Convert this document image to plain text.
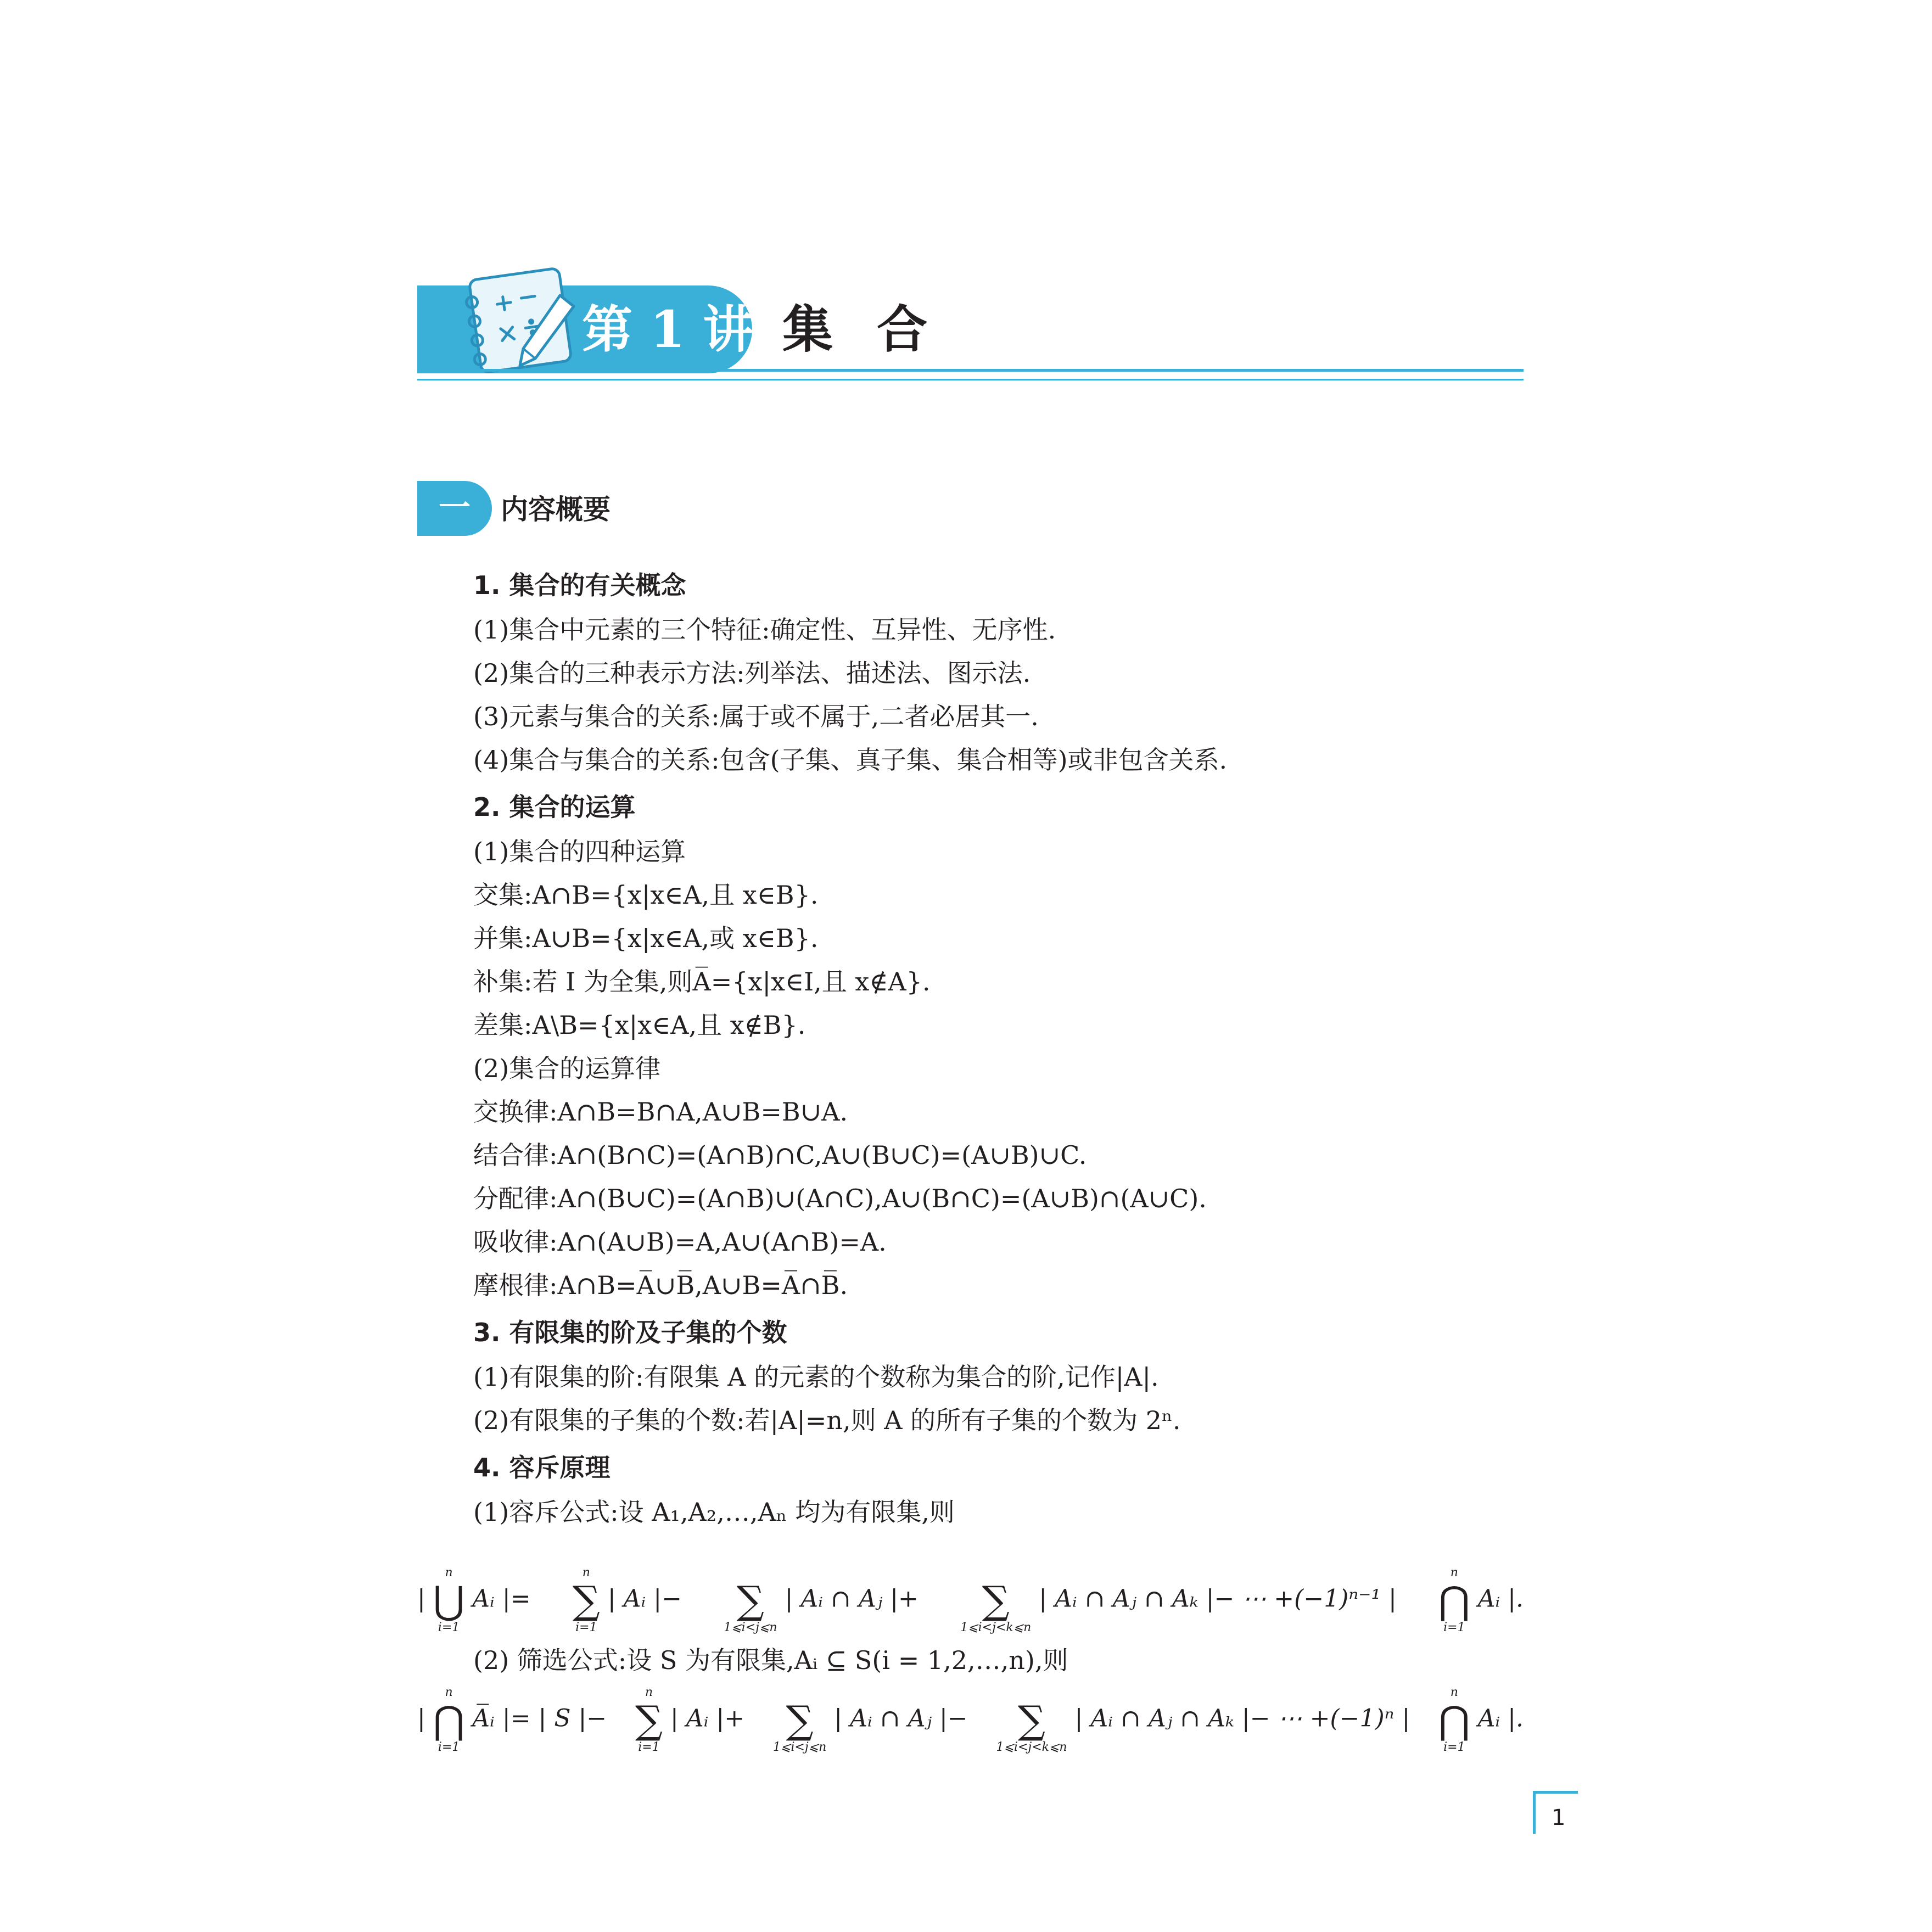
第 1 讲 集合
一	内容概要
1. 集合的有关概念
(1)集合中元素的三个特征:确定性、互异性、无序性.
(2)集合的三种表示方法:列举法、描述法、图示法.
(3)元素与集合的关系:属于或不属于,二者必居其一.
(4)集合与集合的关系:包含(子集、真子集、集合相等)或非包含关系.
2. 集合的运算
(1)集合的四种运算
交集:A∩B={x|x∈A,且 x∈B}.
并集:A∪B={x|x∈A,或 x∈B}.
补集:若 I 为全集,则A̅={x|x∈I,且 x∉A}.
差集:A\B={x|x∈A,且 x∉B}.
(2)集合的运算律
交换律:A∩B=B∩A,A∪B=B∪A.
结合律:A∩(B∩C)=(A∩B)∩C,A∪(B∪C)=(A∪B)∪C.
分配律:A∩(B∪C)=(A∩B)∪(A∩C),A∪(B∩C)=(A∪B)∩(A∪C).
吸收律:A∩(A∪B)=A,A∪(A∩B)=A.
摩根律:A∩B=A̅∪B̅,A∪B=A̅∩B̅.
3. 有限集的阶及子集的个数
(1)有限集的阶:有限集 A 的元素的个数称为集合的阶,记作|A|.
(2)有限集的子集的个数:若|A|=n,则 A 的所有子集的个数为 2ⁿ.
4. 容斥原理
(1)容斥公式:设 A₁,A₂,…,Aₙ 均为有限集,则
|
n
⋃
i=1
Aᵢ |=
n
∑
i=1
| Aᵢ |− ∑
1⩽i<j⩽n
| Aᵢ ∩ Aⱼ |+ ∑
1⩽i<j<k⩽n
| Aᵢ ∩ Aⱼ ∩ Aₖ |− ⋯ +(−1)ⁿ⁻¹ |
n
⋂
i=1
Aᵢ |.
(2) 筛选公式:设 S 为有限集,Aᵢ ⊆ S(i = 1,2,…,n),则
|
n
⋂
i=1
A̅ᵢ |= | S |−
n
∑
i=1
| Aᵢ |+ ∑
1⩽i<j⩽n
| Aᵢ ∩ Aⱼ |− ∑
1⩽i<j<k⩽n
| Aᵢ ∩ Aⱼ ∩ Aₖ |− ⋯ +(−1)ⁿ |
n
⋂
i=1
Aᵢ |.
1
